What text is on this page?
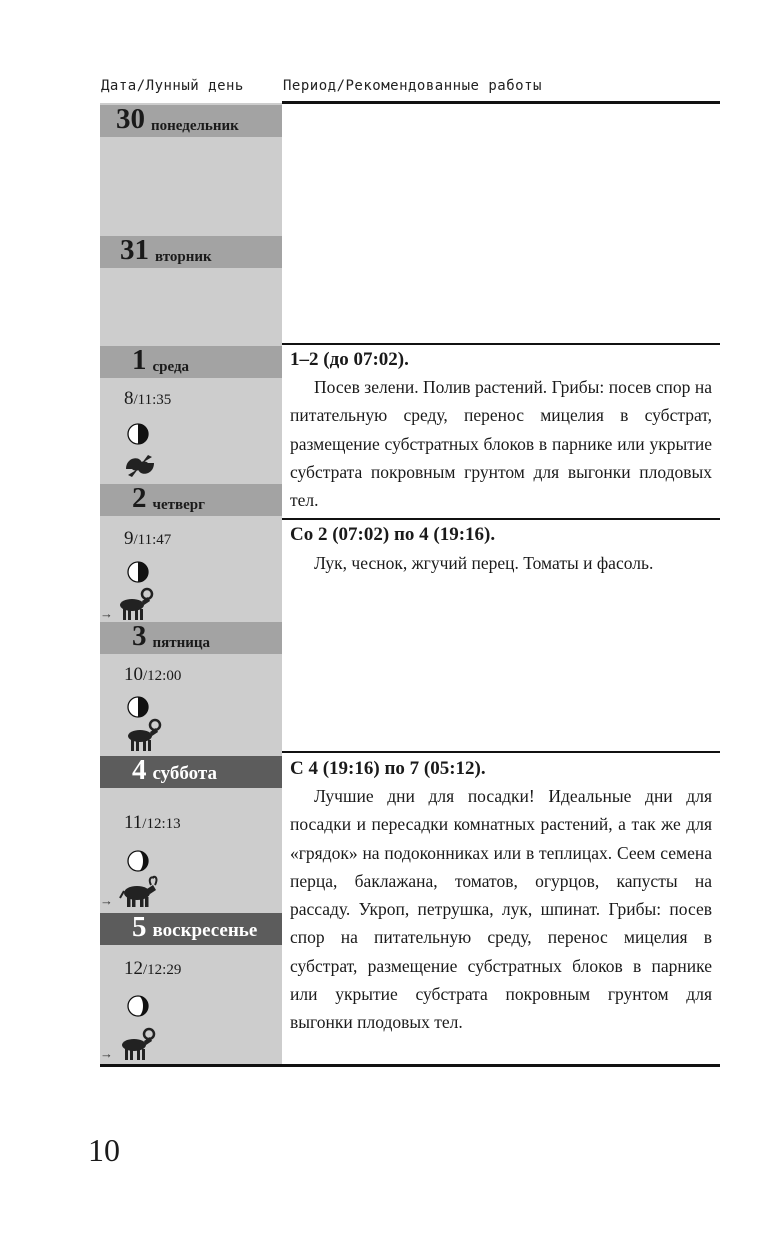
Дата/Лунный день	Период/Рекомендованные работы
30 понедельник
31 вторник
1 среда
8/11:35
2 четверг
9/11:47
→
3 пятница
10/12:00
4 суббота
11/12:13
→
5 воскресенье
12/12:29
→
1–2 (до 07:02).

Посев зелени. Полив растений. Грибы: посев спор на питательную среду, перенос мицелия в субстрат, размещение субстратных блоков в парнике или укрытие субстрата покровным грунтом для выгонки плодовых тел.

Со 2 (07:02) по 4 (19:16).

Лук, чеснок, жгучий перец. Томаты и фасоль.

С 4 (19:16) по 7 (05:12).

Лучшие дни для посадки! Идеальные дни для посадки и пересадки комнатных растений, а так же для «грядок» на подоконниках или в теплицах. Сеем семена перца, баклажана, томатов, огурцов, капусты на рассаду. Укроп, петрушка, лук, шпинат. Грибы: посев спор на питательную среду, перенос мицелия в субстрат, размещение субстратных блоков в парнике или укрытие субстрата покровным грунтом для выгонки плодовых тел.

10
